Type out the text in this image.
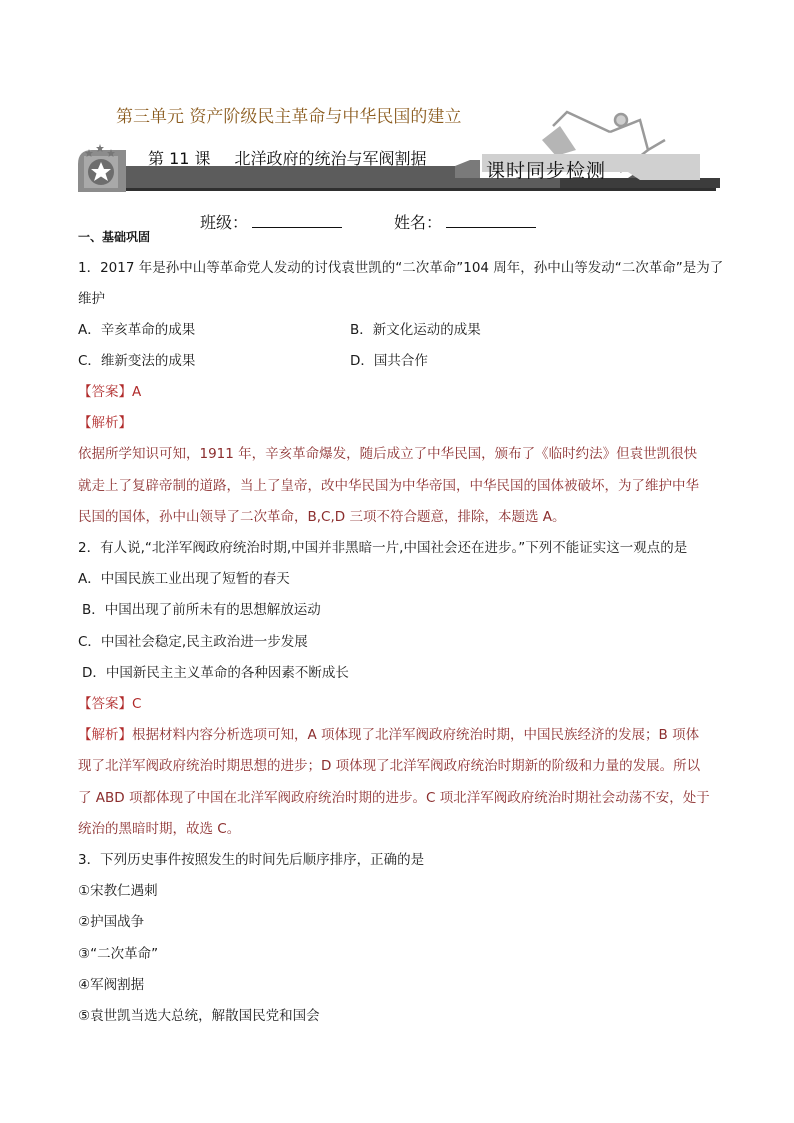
第三单元 资产阶级民主革命与中华民国的建立
第 11 课 北洋政府的统治与军阀割据
课时同步检测
班级：	姓名：
一、基础巩固
1．2017 年是孙中山等革命党人发动的讨伐袁世凯的“二次革命”104 周年，孙中山等发动“二次革命”是为了
维护
A．辛亥革命的成果	B．新文化运动的成果
C．维新变法的成果	D．国共合作
【答案】A
【解析】
依据所学知识可知，1911 年，辛亥革命爆发，随后成立了中华民国，颁布了《临时约法》但袁世凯很快
就走上了复辟帝制的道路，当上了皇帝，改中华民国为中华帝国，中华民国的国体被破坏，为了维护中华
民国的国体，孙中山领导了二次革命，B,C,D 三项不符合题意，排除，本题选 A。
2．有人说,“北洋军阀政府统治时期,中国并非黑暗一片,中国社会还在进步。”下列不能证实这一观点的是
A．中国民族工业出现了短暂的春天
B．中国出现了前所未有的思想解放运动
C．中国社会稳定,民主政治进一步发展
D．中国新民主主义革命的各种因素不断成长
【答案】C
【解析】根据材料内容分析选项可知，A 项体现了北洋军阀政府统治时期，中国民族经济的发展；B 项体
现了北洋军阀政府统治时期思想的进步；D 项体现了北洋军阀政府统治时期新的阶级和力量的发展。所以
了 ABD 项都体现了中国在北洋军阀政府统治时期的进步。C 项北洋军阀政府统治时期社会动荡不安，处于
统治的黑暗时期，故选 C。
3．下列历史事件按照发生的时间先后顺序排序，正确的是
①宋教仁遇刺
②护国战争
③“二次革命”
④军阀割据
⑤袁世凯当选大总统，解散国民党和国会
